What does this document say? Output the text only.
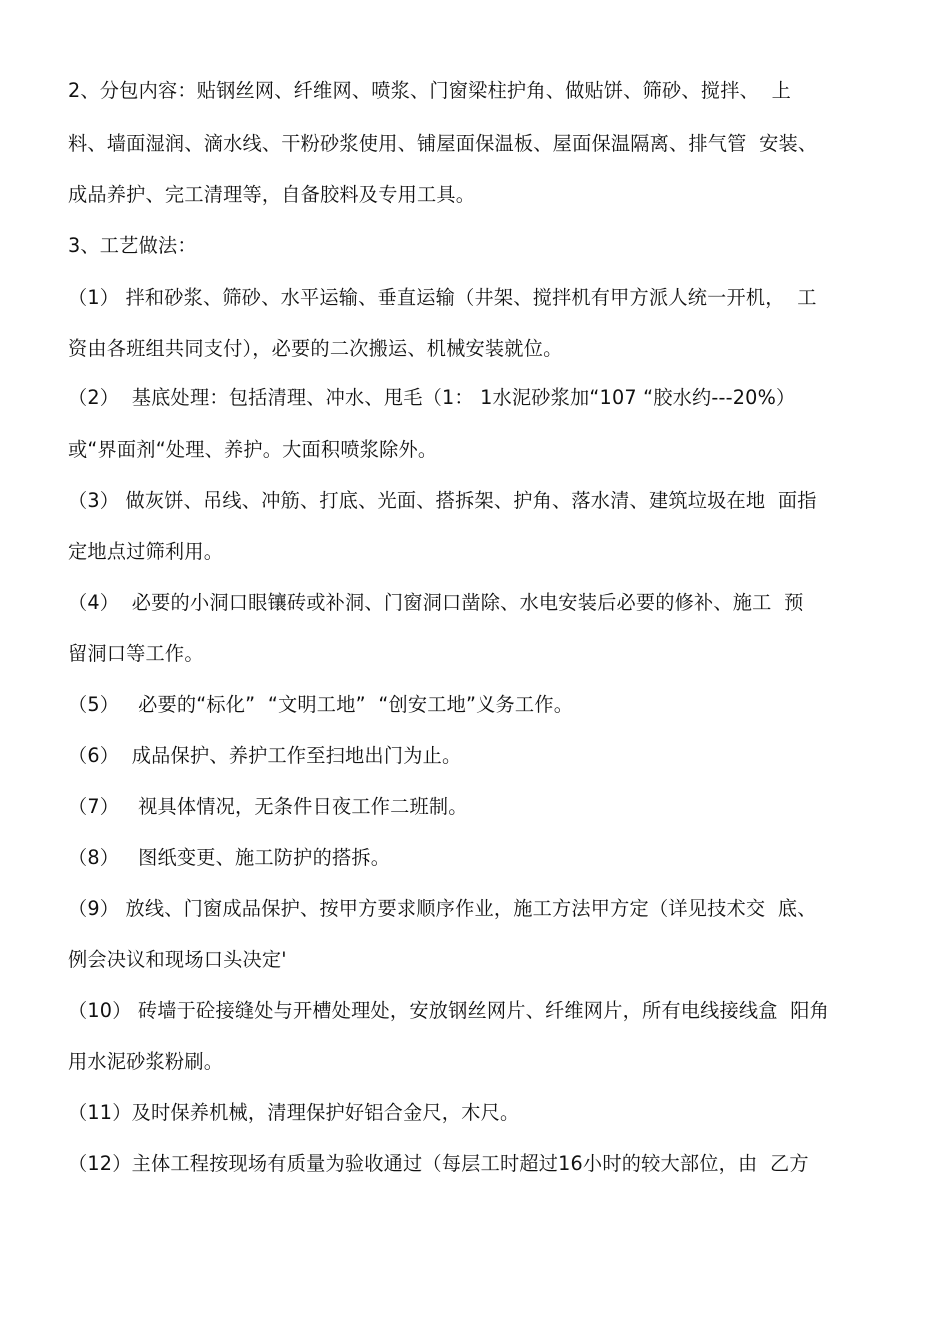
2、分包内容：贴钢丝网、纤维网、喷浆、门窗梁柱护角、做贴饼、筛砂、搅拌、  上
料、墙面湿润、滴水线、干粉砂浆使用、铺屋面保温板、屋面保温隔离、排气管  安装、
成品养护、完工清理等，自备胶料及专用工具。
3、工艺做法：
（1） 拌和砂浆、筛砂、水平运输、垂直运输（井架、搅拌机有甲方派人统一开机，  工
资由各班组共同支付），必要的二次搬运、机械安装就位。
（2）  基底处理：包括清理、冲水、甩毛（1： 1水泥砂浆加“107 “胶水约---20%）
或“界面剂“处理、养护。大面积喷浆除外。
（3） 做灰饼、吊线、冲筋、打底、光面、搭拆架、护角、落水清、建筑垃圾在地  面指
定地点过筛利用。
（4）  必要的小洞口眼镶砖或补洞、门窗洞口凿除、水电安装后必要的修补、施工  预
留洞口等工作。
（5）   必要的“标化”  “文明工地”  “创安工地”义务工作。
（6）  成品保护、养护工作至扫地出门为止。
（7）   视具体情况，无条件日夜工作二班制。
（8）   图纸变更、施工防护的搭拆。
（9） 放线、门窗成品保护、按甲方要求顺序作业，施工方法甲方定（详见技术交  底、
例会决议和现场口头决定'
（10） 砖墙于砼接缝处与开槽处理处，安放钢丝网片、纤维网片，所有电线接线盒  阳角
用水泥砂浆粉刷。
（11）及时保养机械，清理保护好铝合金尺，木尺。
（12）主体工程按现场有质量为验收通过（每层工时超过16小时的较大部位，由  乙方
